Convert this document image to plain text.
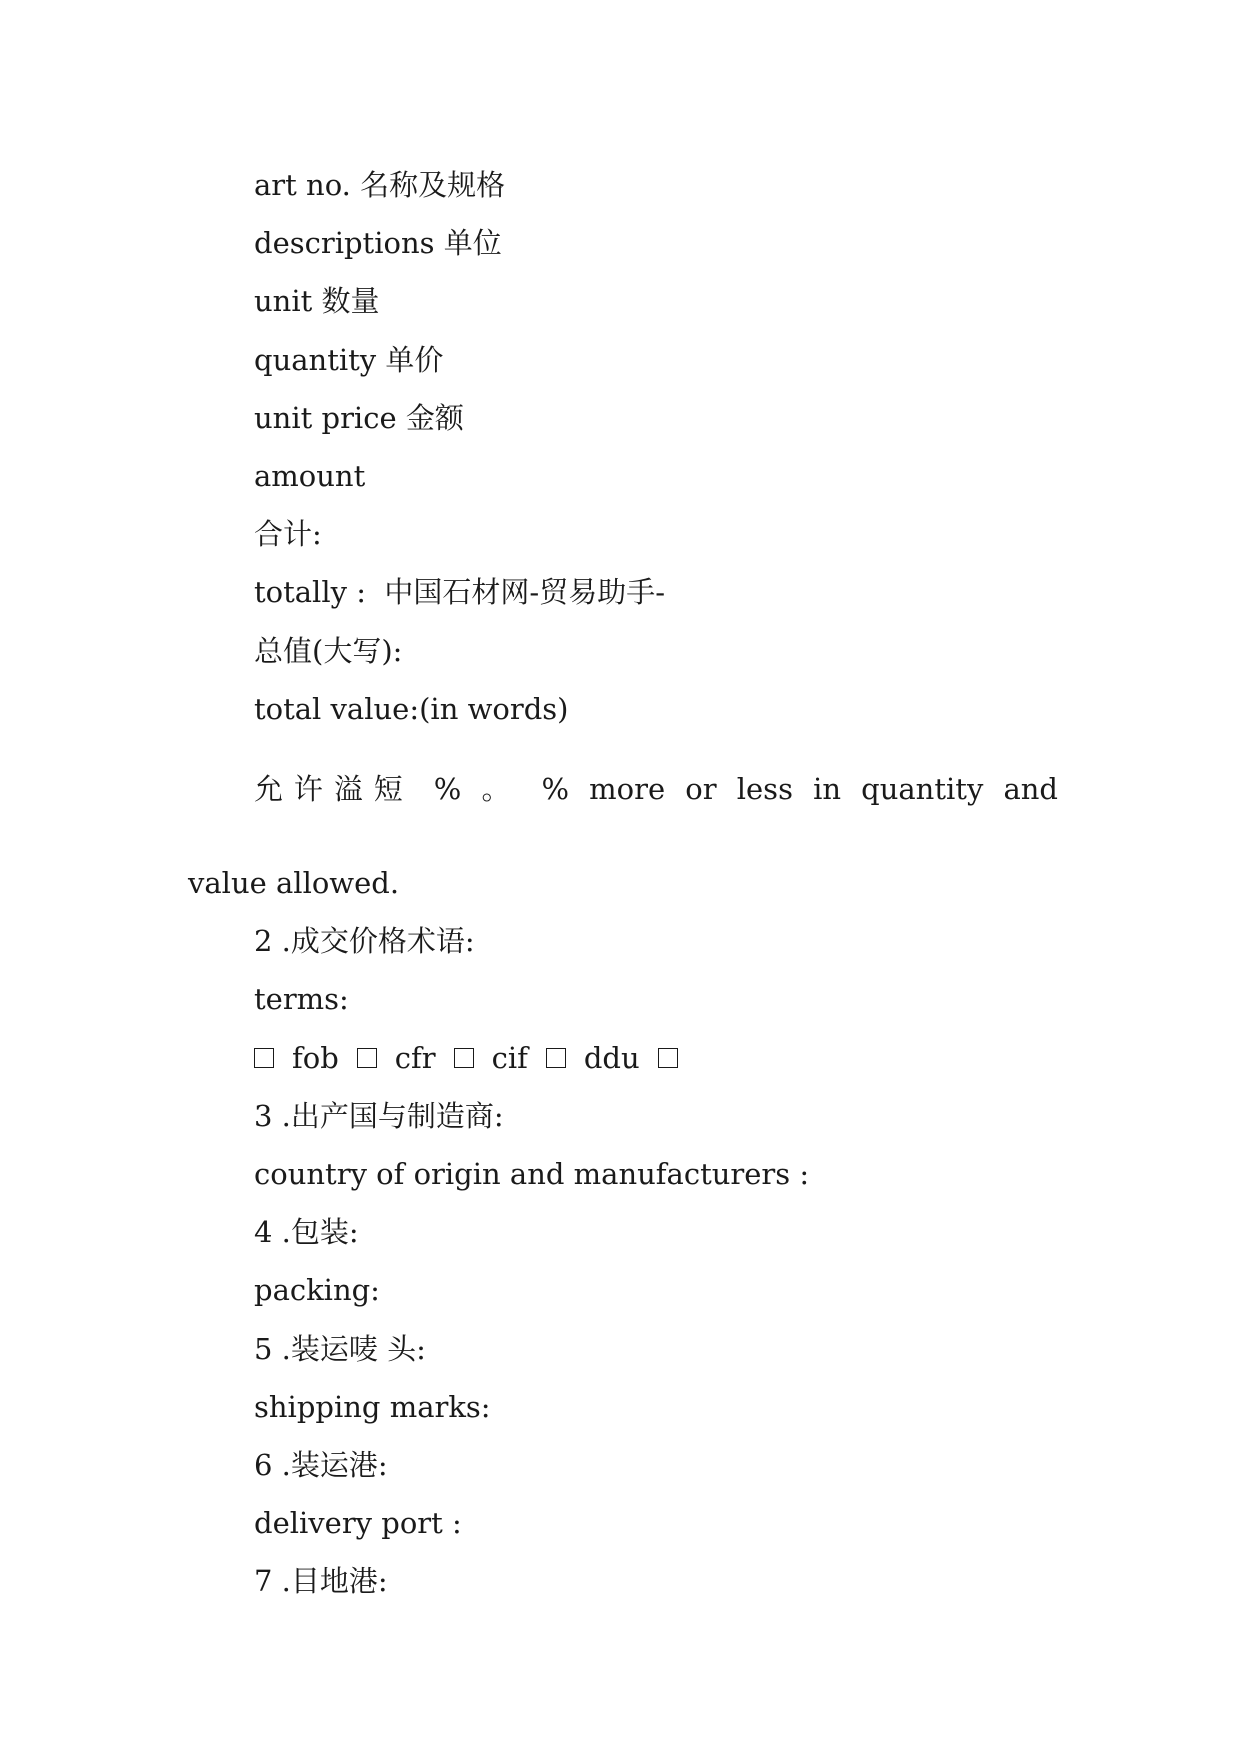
art no. 名称及规格

descriptions 单位

unit 数量

quantity 单价

unit price 金额

amount

合计:

totally :  中国石材网-贸易助手-

总值(大写):

total value:(in words)

允许溢短 % 。 % more or less in quantity and

value allowed.

2 .成交价格术语:

terms:

fob cfr cif ddu

3 .出产国与制造商:

country of origin and manufacturers :

4 .包装:

packing:

5 .装运唛 头:

shipping marks:

6 .装运港:

delivery port :

7 .目地港:
